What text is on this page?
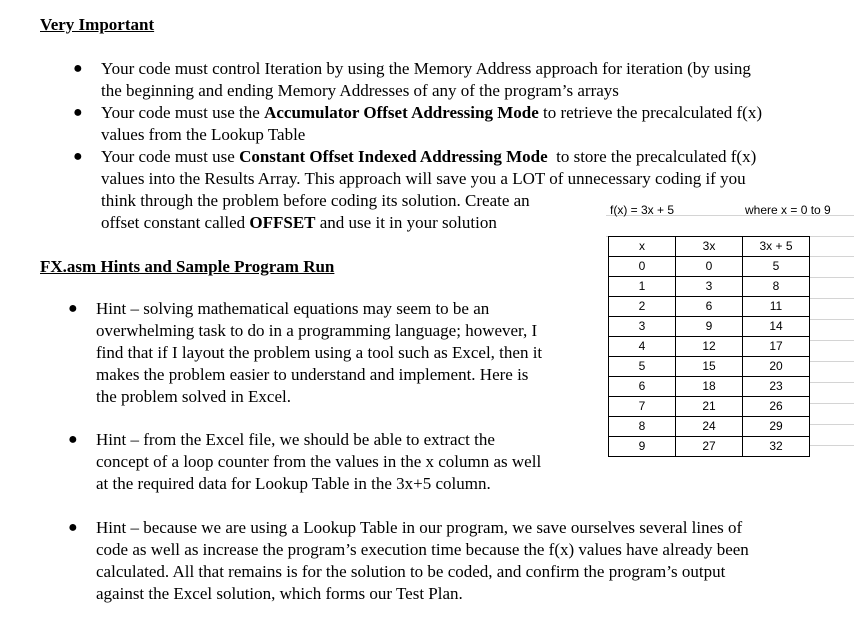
Very Important
● Your code must control Iteration by using the Memory Address approach for iteration (by using
the beginning and ending Memory Addresses of any of the program’s arrays
● Your code must use the Accumulator Offset Addressing Mode to retrieve the precalculated f(x)
values from the Lookup Table
● Your code must use Constant Offset Indexed Addressing Mode  to store the precalculated f(x)
values into the Results Array. This approach will save you a LOT of unnecessary coding if you
think through the problem before coding its solution. Create an
offset constant called OFFSET and use it in your solution
FX.asm Hints and Sample Program Run
● Hint – solving mathematical equations may seem to be an
overwhelming task to do in a programming language; however, I
find that if I layout the problem using a tool such as Excel, then it
makes the problem easier to understand and implement. Here is
the problem solved in Excel.
● Hint – from the Excel file, we should be able to extract the
concept of a loop counter from the values in the x column as well
at the required data for Lookup Table in the 3x+5 column.
● Hint – because we are using a Lookup Table in our program, we save ourselves several lines of
code as well as increase the program’s execution time because the f(x) values have already been
calculated. All that remains is for the solution to be coded, and confirm the program’s output
against the Excel solution, which forms our Test Plan.
f(x) = 3x + 5	where x = 0 to 9
x	3x	3x + 5
0	0	5
1	3	8
2	6	11
3	9	14
4	12	17
5	15	20
6	18	23
7	21	26
8	24	29
9	27	32
